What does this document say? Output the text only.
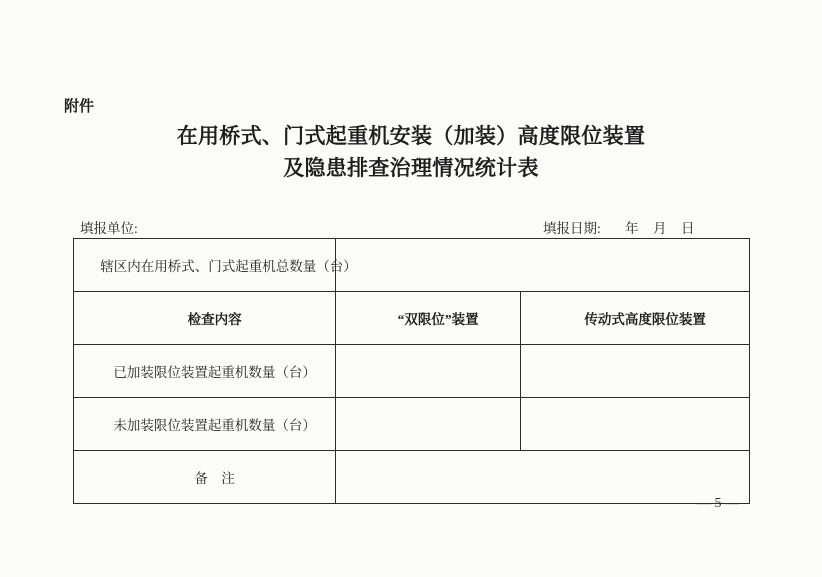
附件
在用桥式、门式起重机安装（加装）高度限位装置
及隐患排查治理情况统计表
填报单位:	填报日期: 年 月 日

辖区内在用桥式、门式起重机总数量（台）	

检查内容	“双限位”装置	传动式高度限位装置

已加装限位装置起重机数量（台）

未加装限位装置起重机数量（台）

备    注	

— 5 —
